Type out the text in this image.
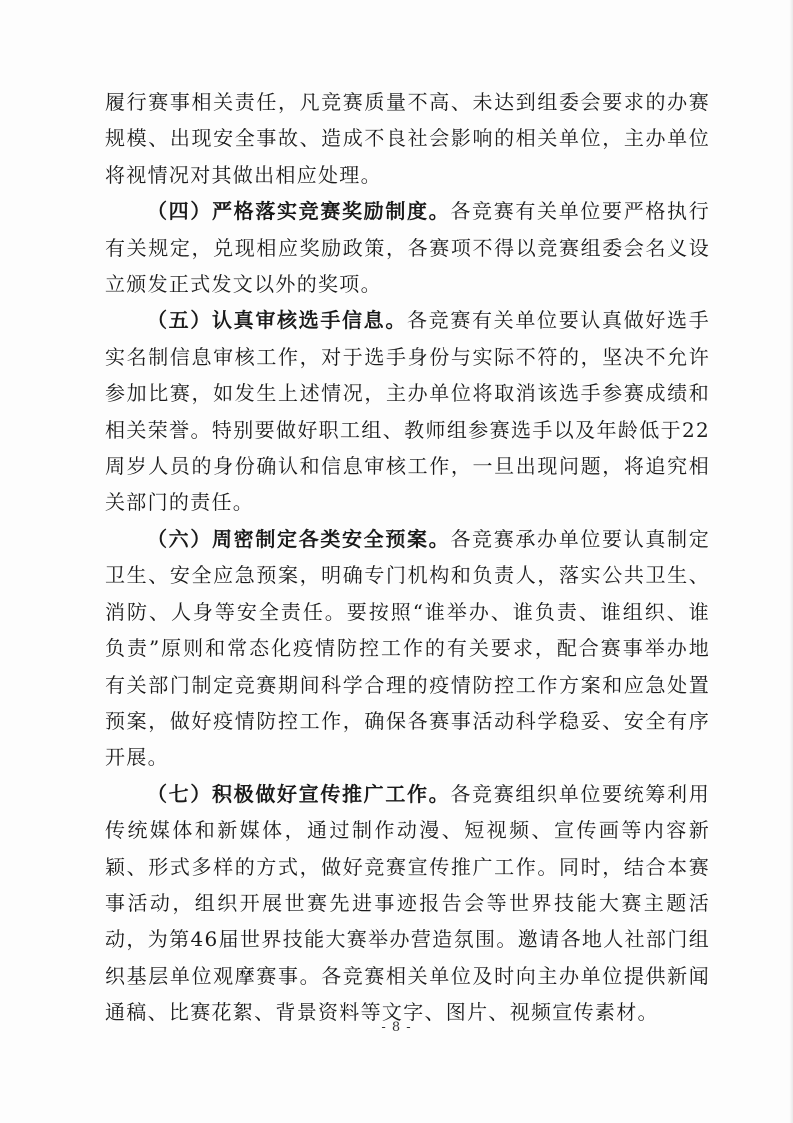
履行赛事相关责任，凡竞赛质量不高、未达到组委会要求的办赛规模、出现安全事故、造成不良社会影响的相关单位，主办单位将视情况对其做出相应处理。

（四）严格落实竞赛奖励制度。各竞赛有关单位要严格执行有关规定，兑现相应奖励政策，各赛项不得以竞赛组委会名义设立颁发正式发文以外的奖项。

（五）认真审核选手信息。各竞赛有关单位要认真做好选手实名制信息审核工作，对于选手身份与实际不符的，坚决不允许参加比赛，如发生上述情况，主办单位将取消该选手参赛成绩和相关荣誉。特别要做好职工组、教师组参赛选手以及年龄低于22周岁人员的身份确认和信息审核工作，一旦出现问题，将追究相关部门的责任。

（六）周密制定各类安全预案。各竞赛承办单位要认真制定卫生、安全应急预案，明确专门机构和负责人，落实公共卫生、消防、人身等安全责任。要按照“谁举办、谁负责、谁组织、谁负责”原则和常态化疫情防控工作的有关要求，配合赛事举办地有关部门制定竞赛期间科学合理的疫情防控工作方案和应急处置预案，做好疫情防控工作，确保各赛事活动科学稳妥、安全有序开展。

（七）积极做好宣传推广工作。各竞赛组织单位要统筹利用传统媒体和新媒体，通过制作动漫、短视频、宣传画等内容新颖、形式多样的方式，做好竞赛宣传推广工作。同时，结合本赛事活动，组织开展世赛先进事迹报告会等世界技能大赛主题活动，为第46届世界技能大赛举办营造氛围。邀请各地人社部门组织基层单位观摩赛事。各竞赛相关单位及时向主办单位提供新闻通稿、比赛花絮、背景资料等文字、图片、视频宣传素材。

- 8 -
